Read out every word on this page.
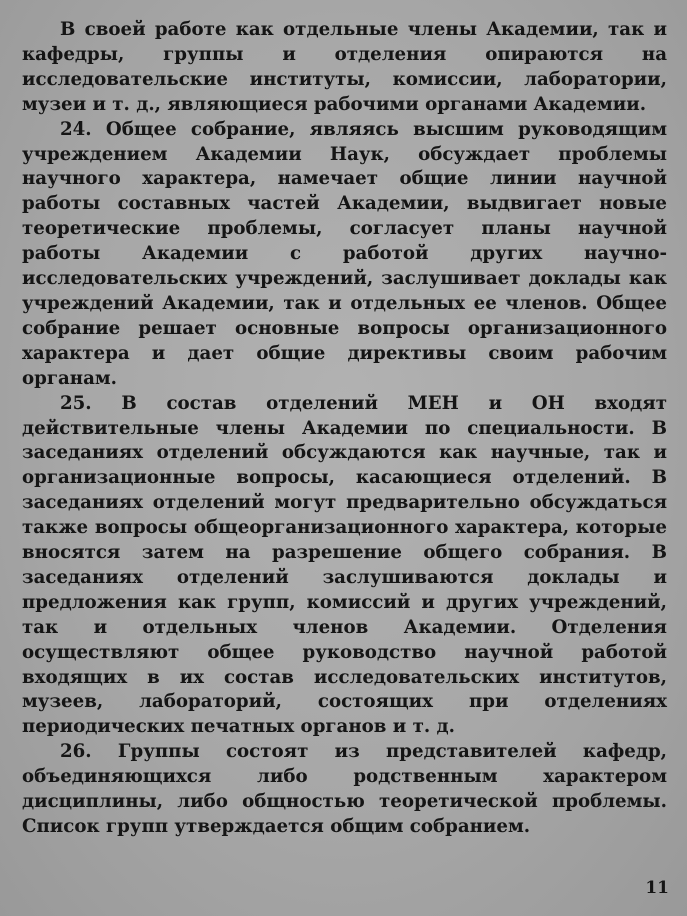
В своей работе как отдельные члены Академии, так и кафедры, группы и отделения опираются на исследовательские институты, комиссии, лаборатории, музеи и т. д., являющиеся рабочими органами Академии.

24. Общее собрание, являясь высшим руководящим учреждением Академии Наук, обсуждает проблемы научного характера, намечает общие линии научной работы составных частей Академии, выдвигает новые теоретические проблемы, согласует планы научной работы Академии с работой других научно-исследовательских учреждений, заслушивает доклады как учреждений Академии, так и отдельных ее членов. Общее собрание решает основные вопросы организационного характера и дает общие директивы своим рабочим органам.

25. В состав отделений МЕН и ОН входят действительные члены Академии по специальности. В заседаниях отделений обсуждаются как научные, так и организационные вопросы, касающиеся отделений. В заседаниях отделений могут предварительно обсуждаться также вопросы общеорганизационного характера, которые вносятся затем на разрешение общего собрания. В заседаниях отделений заслушиваются доклады и предложения как групп, комиссий и других учреждений, так и отдельных членов Академии. Отделения осуществляют общее руководство научной работой входящих в их состав исследовательских институтов, музеев, лабораторий, состоящих при отделениях периодических печатных органов и т. д.

26. Группы состоят из представителей кафедр, объединяющихся либо родственным характером дисциплины, либо общностью теоретической проблемы. Список групп утверждается общим собранием.

11
